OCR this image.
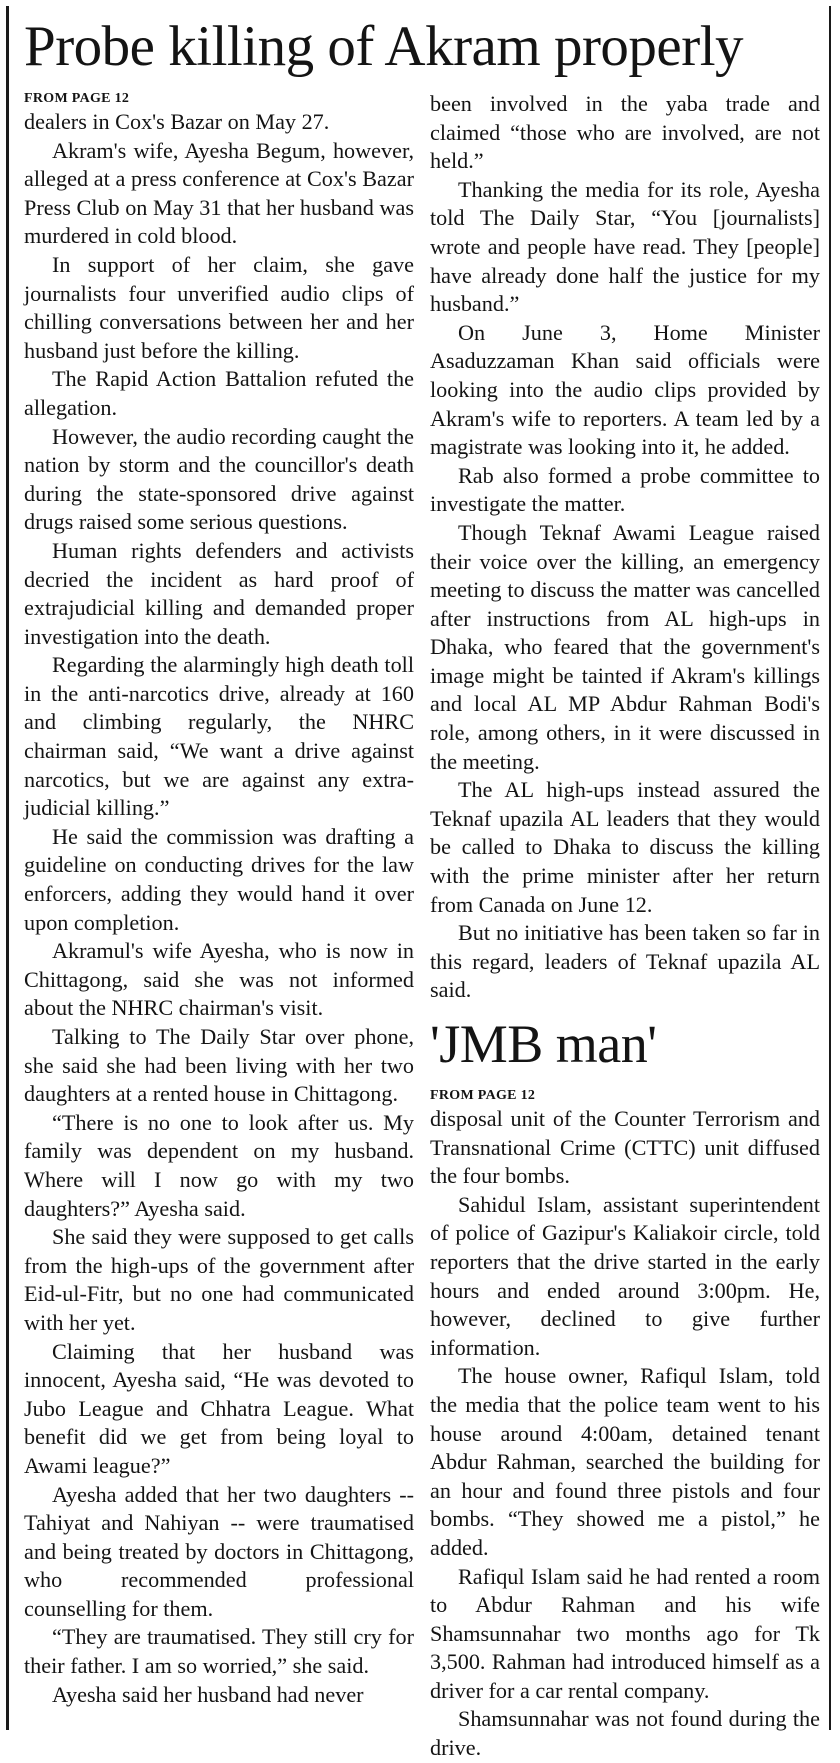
Probe killing of Akram properly
FROM PAGE 12

dealers in Cox's Bazar on May 27.

Akram's wife, Ayesha Begum, however, alleged at a press conference at Cox's Bazar Press Club on May 31 that her husband was murdered in cold blood.

In support of her claim, she gave journalists four unverified audio clips of chilling conversations between her and her husband just before the killing.

The Rapid Action Battalion refuted the allegation.

However, the audio recording caught the nation by storm and the councillor's death during the state-sponsored drive against drugs raised some serious questions.

Human rights defenders and activists decried the incident as hard proof of extrajudicial killing and demanded proper investigation into the death.

Regarding the alarmingly high death toll in the anti-narcotics drive, already at 160 and climbing regularly, the NHRC chairman said, “We want a drive against narcotics, but we are against any extra-judicial killing.”

He said the commission was drafting a guideline on conducting drives for the law enforcers, adding they would hand it over upon completion.

Akramul's wife Ayesha, who is now in Chittagong, said she was not informed about the NHRC chairman's visit.

Talking to The Daily Star over phone, she said she had been living with her two daughters at a rented house in Chittagong.

“There is no one to look after us. My family was dependent on my husband. Where will I now go with my two daughters?” Ayesha said.

She said they were supposed to get calls from the high-ups of the government after Eid-ul-Fitr, but no one had communicated with her yet.

Claiming that her husband was innocent, Ayesha said, “He was devoted to Jubo League and Chhatra League. What benefit did we get from being loyal to Awami league?”

Ayesha added that her two daughters -- Tahiyat and Nahiyan -- were traumatised and being treated by doctors in Chittagong, who recommended professional counselling for them.

“They are traumatised. They still cry for their father. I am so worried,” she said.

Ayesha said her husband had never

been involved in the yaba trade and claimed “those who are involved, are not held.”

Thanking the media for its role, Ayesha told The Daily Star, “You [journalists] wrote and people have read. They [people] have already done half the justice for my husband.”

On June 3, Home Minister Asaduzzaman Khan said officials were looking into the audio clips provided by Akram's wife to reporters. A team led by a magistrate was looking into it, he added.

Rab also formed a probe committee to investigate the matter.

Though Teknaf Awami League raised their voice over the killing, an emergency meeting to discuss the matter was cancelled after instructions from AL high-ups in Dhaka, who feared that the government's image might be tainted if Akram's killings and local AL MP Abdur Rahman Bodi's role, among others, in it were discussed in the meeting.

The AL high-ups instead assured the Teknaf upazila AL leaders that they would be called to Dhaka to discuss the killing with the prime minister after her return from Canada on June 12.

But no initiative has been taken so far in this regard, leaders of Teknaf upazila AL said.

'JMB man'
FROM PAGE 12

disposal unit of the Counter Terrorism and Transnational Crime (CTTC) unit diffused the four bombs.

Sahidul Islam, assistant superintendent of police of Gazipur's Kaliakoir circle, told reporters that the drive started in the early hours and ended around 3:00pm. He, however, declined to give further information.

The house owner, Rafiqul Islam, told the media that the police team went to his house around 4:00am, detained tenant Abdur Rahman, searched the building for an hour and found three pistols and four bombs. “They showed me a pistol,” he added.

Rafiqul Islam said he had rented a room to Abdur Rahman and his wife Shamsunnahar two months ago for Tk 3,500. Rahman had introduced himself as a driver for a car rental company.

Shamsunnahar was not found during the drive.
